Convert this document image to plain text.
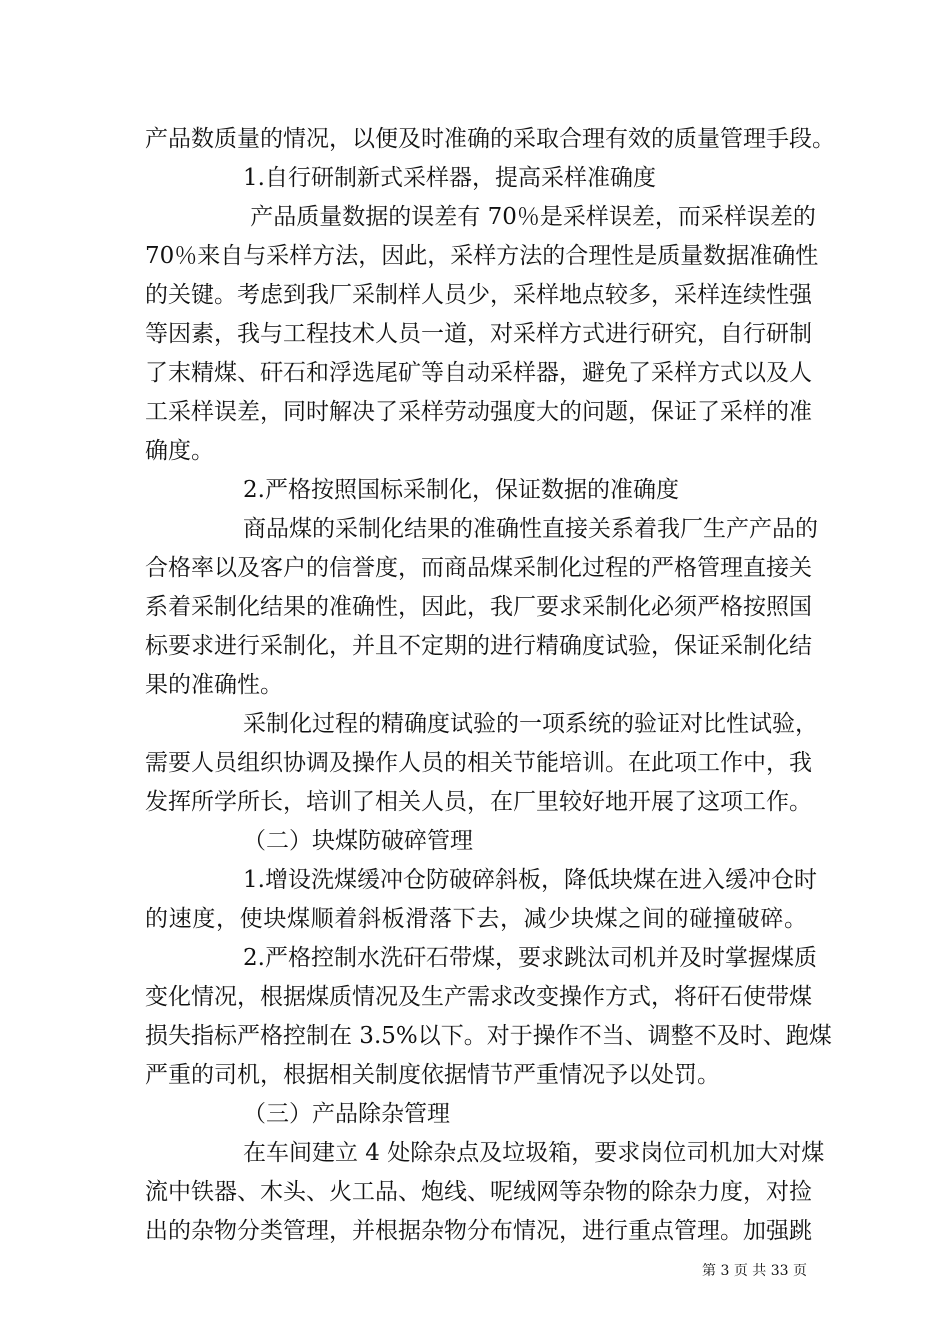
产品数质量的情况，以便及时准确的采取合理有效的质量管理手段。
1.自行研制新式采样器，提高采样准确度
产品质量数据的误差有 70％是采样误差，而采样误差的
70％来自与采样方法，因此，采样方法的合理性是质量数据准确性
的关键。考虑到我厂采制样人员少，采样地点较多，采样连续性强
等因素，我与工程技术人员一道，对采样方式进行研究，自行研制
了末精煤、矸石和浮选尾矿等自动采样器，避免了采样方式以及人
工采样误差，同时解决了采样劳动强度大的问题，保证了采样的准
确度。
2.严格按照国标采制化，保证数据的准确度
商品煤的采制化结果的准确性直接关系着我厂生产产品的
合格率以及客户的信誉度，而商品煤采制化过程的严格管理直接关
系着采制化结果的准确性，因此，我厂要求采制化必须严格按照国
标要求进行采制化，并且不定期的进行精确度试验，保证采制化结
果的准确性。
采制化过程的精确度试验的一项系统的验证对比性试验，
需要人员组织协调及操作人员的相关节能培训。在此项工作中，我
发挥所学所长，培训了相关人员，在厂里较好地开展了这项工作。
（二）块煤防破碎管理
1.增设洗煤缓冲仓防破碎斜板，降低块煤在进入缓冲仓时
的速度，使块煤顺着斜板滑落下去，减少块煤之间的碰撞破碎。
2.严格控制水洗矸石带煤，要求跳汰司机并及时掌握煤质
变化情况，根据煤质情况及生产需求改变操作方式，将矸石使带煤
损失指标严格控制在 3.5%以下。对于操作不当、调整不及时、跑煤
严重的司机，根据相关制度依据情节严重情况予以处罚。
（三）产品除杂管理
在车间建立 4 处除杂点及垃圾箱，要求岗位司机加大对煤
流中铁器、木头、火工品、炮线、呢绒网等杂物的除杂力度，对捡
出的杂物分类管理，并根据杂物分布情况，进行重点管理。加强跳
第 3 页 共 33 页
